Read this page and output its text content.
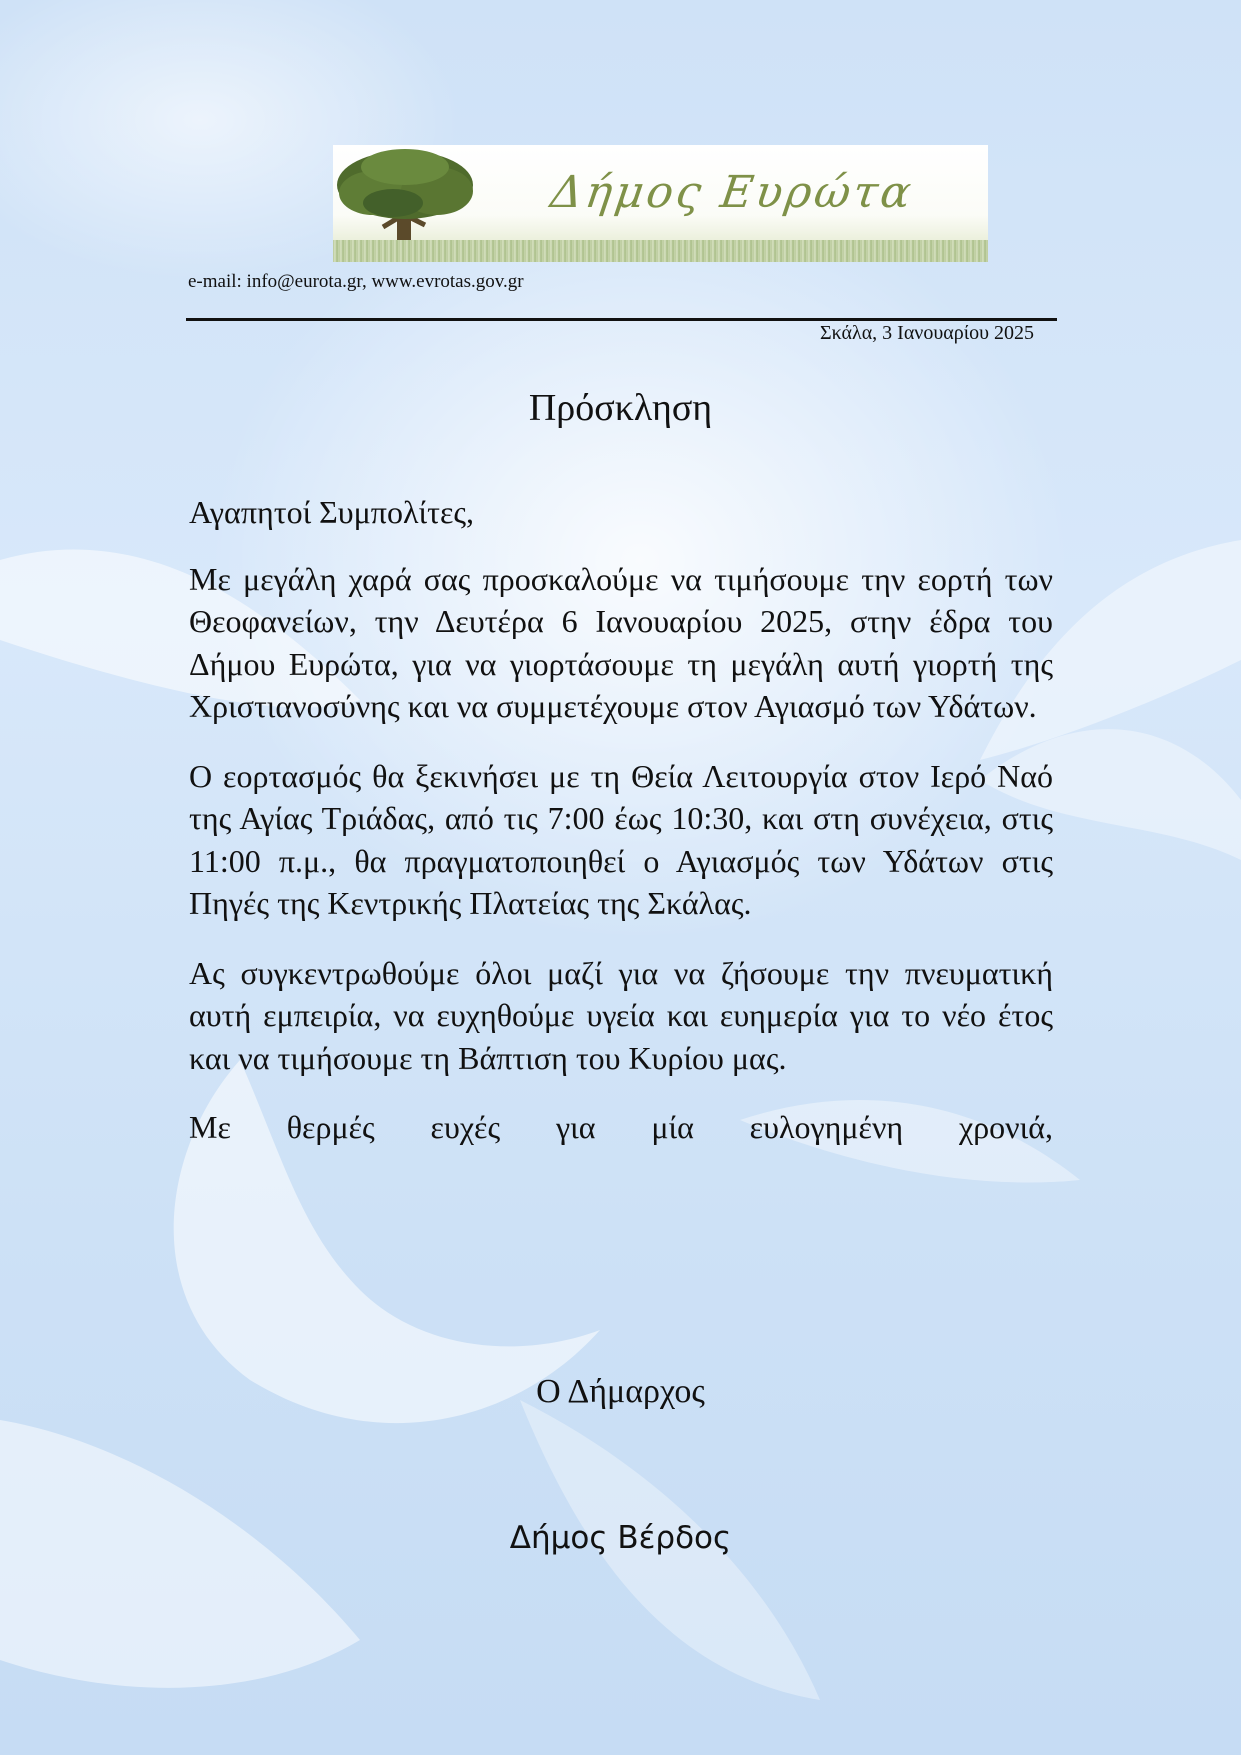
Δήμος Ευρώτα
e-mail: info@eurota.gr, www.evrotas.gov.gr
Σκάλα, 3 Ιανουαρίου 2025
Πρόσκληση

Αγαπητοί Συμπολίτες,

Με μεγάλη χαρά σας προσκαλούμε να τιμήσουμε την εορτή των Θεοφανείων, την Δευτέρα 6 Ιανουαρίου 2025, στην έδρα του Δήμου Ευρώτα, για να γιορτάσουμε τη μεγάλη αυτή γιορτή της Χριστιανοσύνης και να συμμετέχουμε στον Αγιασμό των Υδάτων.

Ο εορτασμός θα ξεκινήσει με τη Θεία Λειτουργία στον Ιερό Ναό της Αγίας Τριάδας, από τις 7:00 έως 10:30, και στη συνέχεια, στις 11:00 π.μ., θα πραγματοποιηθεί ο Αγιασμός των Υδάτων στις Πηγές της Κεντρικής Πλατείας της Σκάλας.

Ας συγκεντρωθούμε όλοι μαζί για να ζήσουμε την πνευματική αυτή εμπειρία, να ευχηθούμε υγεία και ευημερία για το νέο έτος και να τιμήσουμε τη Βάπτιση του Κυρίου μας.

Με θερμές ευχές για μία ευλογημένη χρονιά,

Ο Δήμαρχος
Δήμος Βέρδος
